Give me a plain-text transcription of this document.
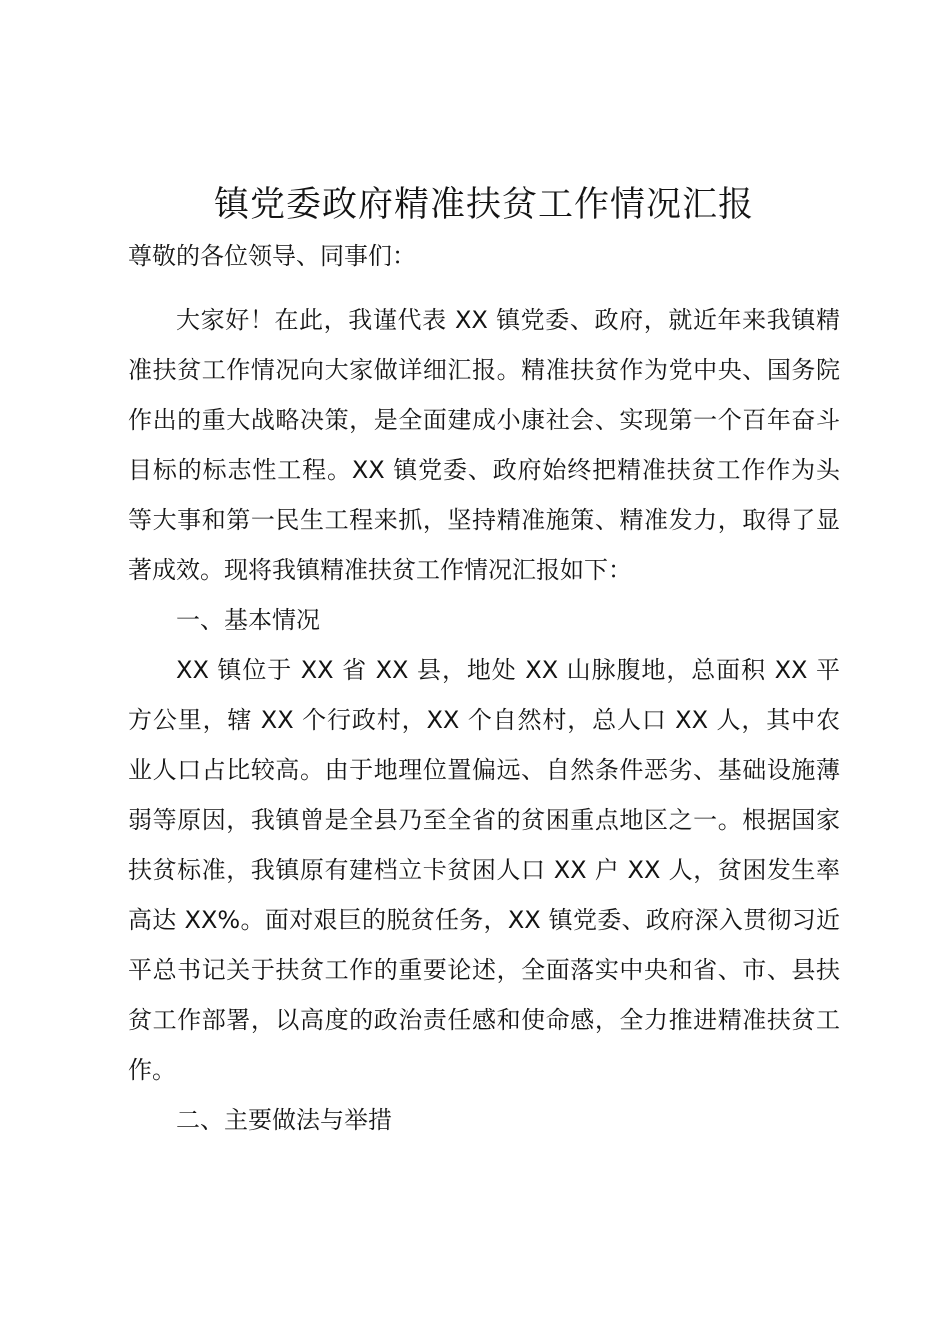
镇党委政府精准扶贫工作情况汇报

尊敬的各位领导、同事们：

大家好！在此，我谨代表 XX 镇党委、政府，就近年来我镇精准扶贫工作情况向大家做详细汇报。精准扶贫作为党中央、国务院作出的重大战略决策，是全面建成小康社会、实现第一个百年奋斗目标的标志性工程。XX 镇党委、政府始终把精准扶贫工作作为头等大事和第一民生工程来抓，坚持精准施策、精准发力，取得了显著成效。现将我镇精准扶贫工作情况汇报如下：

一、基本情况

XX 镇位于 XX 省 XX 县，地处 XX 山脉腹地，总面积 XX 平方公里，辖 XX 个行政村，XX 个自然村，总人口 XX 人，其中农业人口占比较高。由于地理位置偏远、自然条件恶劣、基础设施薄弱等原因，我镇曾是全县乃至全省的贫困重点地区之一。根据国家扶贫标准，我镇原有建档立卡贫困人口 XX 户 XX 人，贫困发生率高达 XX%。面对艰巨的脱贫任务，XX 镇党委、政府深入贯彻习近平总书记关于扶贫工作的重要论述，全面落实中央和省、市、县扶贫工作部署，以高度的政治责任感和使命感，全力推进精准扶贫工作。

二、主要做法与举措
